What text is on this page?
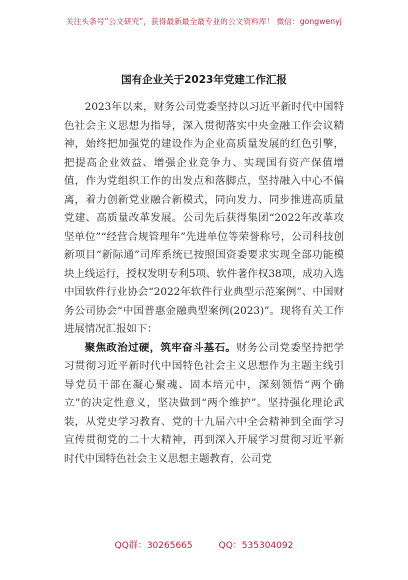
关注头条号“公文研究”，获得最新最全最专业的公文资料库！ 微信：gongwenyj
国有企业关于2023年党建工作汇报

2023年以来，财务公司党委坚持以习近平新时代中国特色社会主义思想为指导，深入贯彻落实中央金融工作会议精神，始终把加强党的建设作为企业高质量发展的红色引擎，把提高企业效益、增强企业竞争力、实现国有资产保值增值，作为党组织工作的出发点和落脚点，坚持融入中心不偏离，着力创新党业融合新模式，同向发力、同步推进高质量党建、高质量改革发展。公司先后获得集团“2022年改革攻坚单位”“经营合规管理年”先进单位等荣誉称号，公司科技创新项目“新际通”司库系统已按照国资委要求实现全部功能模块上线运行，授权发明专利5项、软件著作权38项，成功入选中国软件行业协会“2022年软件行业典型示范案例”、中国财务公司协会“中国普惠金融典型案例(2023)”。现将有关工作进展情况汇报如下：

聚焦政治过硬，筑牢奋斗基石。财务公司党委坚持把学习贯彻习近平新时代中国特色社会主义思想作为主题主线引导党员干部在凝心聚魂、固本培元中，深刻领悟“两个确立”的决定性意义，坚决做到“两个维护”。坚持强化理论武装，从党史学习教育、党的十九届六中全会精神到全面学习宣传贯彻党的二十大精神，再到深入开展学习贯彻习近平新时代中国特色社会主义思想主题教育，公司党

QQ群：30265665	QQ：535304092
